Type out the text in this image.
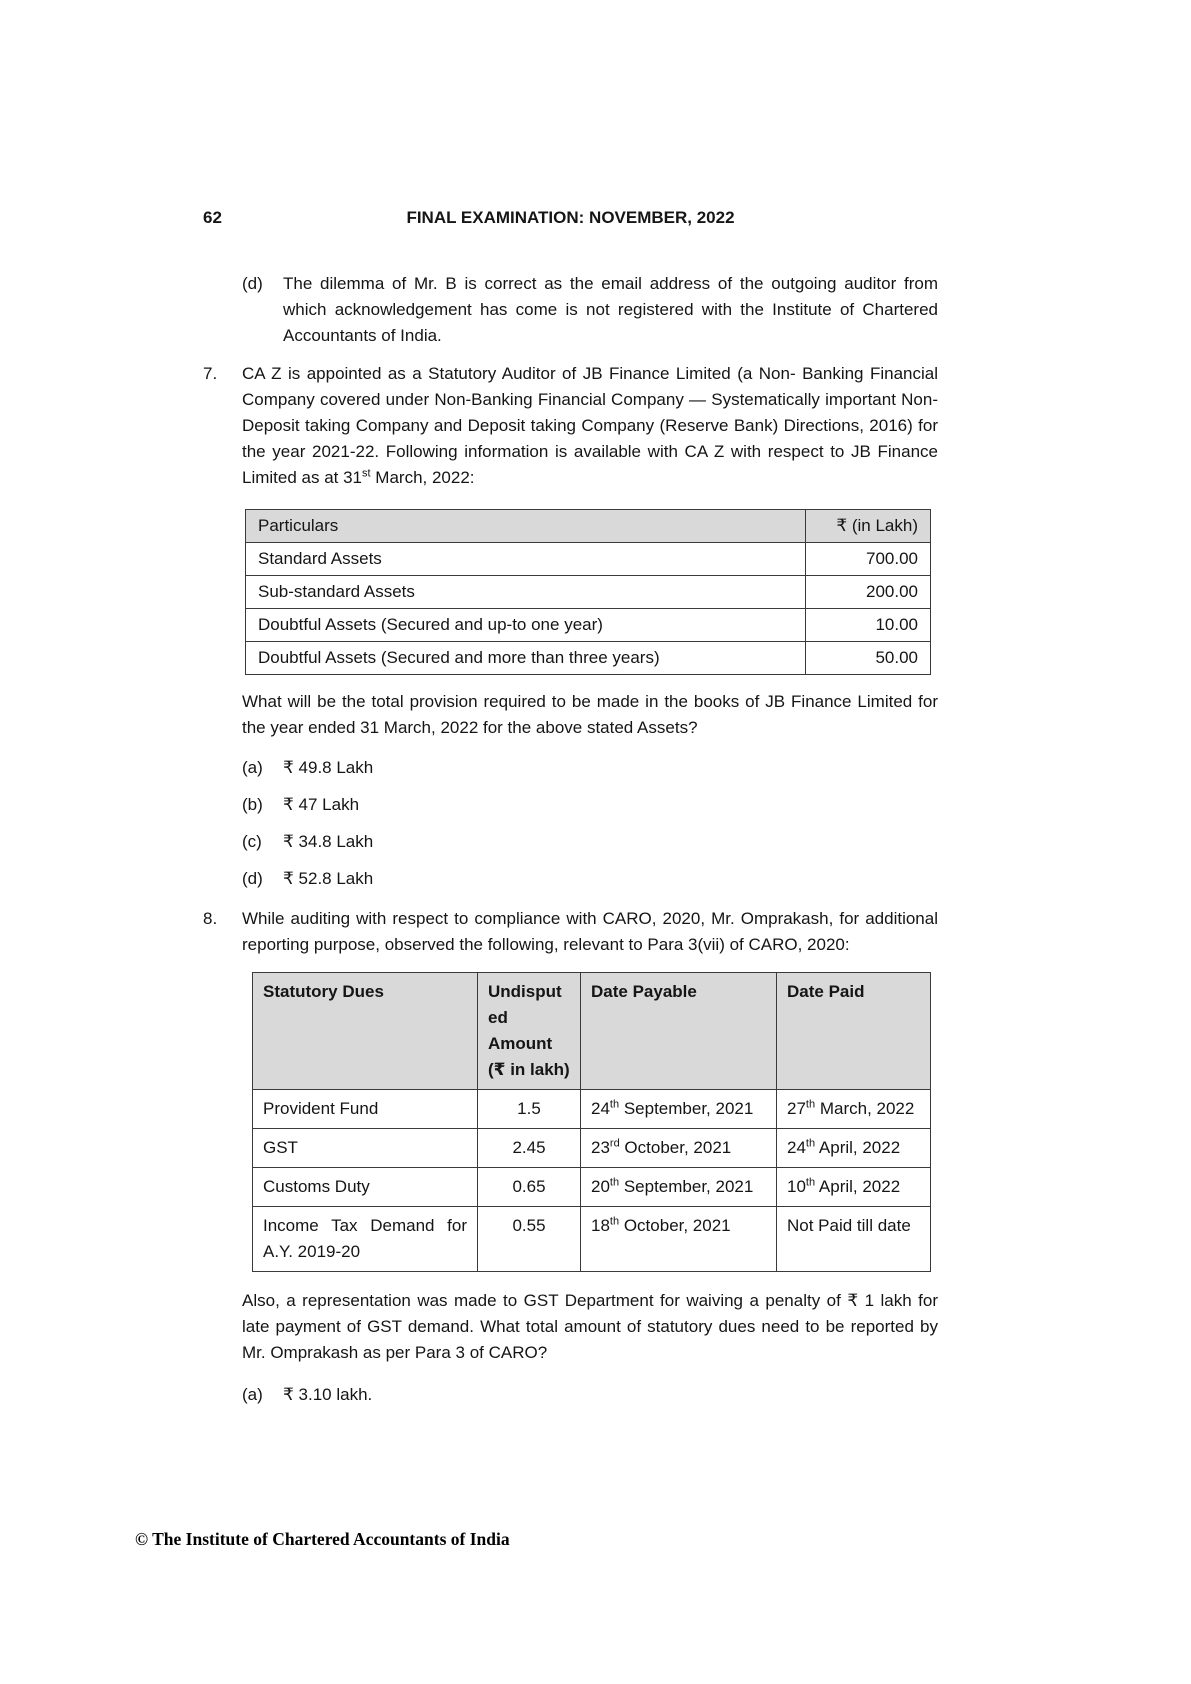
62	FINAL EXAMINATION: NOVEMBER, 2022
(d)	The dilemma of Mr. B is correct as the email address of the outgoing auditor from which acknowledgement has come is not registered with the Institute of Chartered Accountants of India.
7.	CA Z is appointed as a Statutory Auditor of JB Finance Limited (a Non- Banking Financial Company covered under Non-Banking Financial Company — Systematically important Non-Deposit taking Company and Deposit taking Company (Reserve Bank) Directions, 2016) for the year 2021-22. Following information is available with CA Z with respect to JB Finance Limited as at 31st March, 2022:
Particulars	₹ (in Lakh)
Standard Assets	700.00
Sub-standard Assets	200.00
Doubtful Assets (Secured and up-to one year)	10.00
Doubtful Assets (Secured and more than three years)	50.00
What will be the total provision required to be made in the books of JB Finance Limited for the year ended 31 March, 2022 for the above stated Assets?
(a)	₹ 49.8 Lakh
(b)	₹ 47 Lakh
(c)	₹ 34.8 Lakh
(d)	₹ 52.8 Lakh
8.	While auditing with respect to compliance with CARO, 2020, Mr. Omprakash, for additional reporting purpose, observed the following, relevant to Para 3(vii) of CARO, 2020:
Statutory Dues	Undisputed Amount (₹ in lakh)	Date Payable	Date Paid
Provident Fund	1.5	24th September, 2021	27th March, 2022
GST	2.45	23rd October, 2021	24th April, 2022
Customs Duty	0.65	20th September, 2021	10th April, 2022
Income Tax Demand for A.Y. 2019-20	0.55	18th October, 2021	Not Paid till date
Also, a representation was made to GST Department for waiving a penalty of ₹ 1 lakh for late payment of GST demand. What total amount of statutory dues need to be reported by Mr. Omprakash as per Para 3 of CARO?
(a)	₹ 3.10 lakh.
© The Institute of Chartered Accountants of India
